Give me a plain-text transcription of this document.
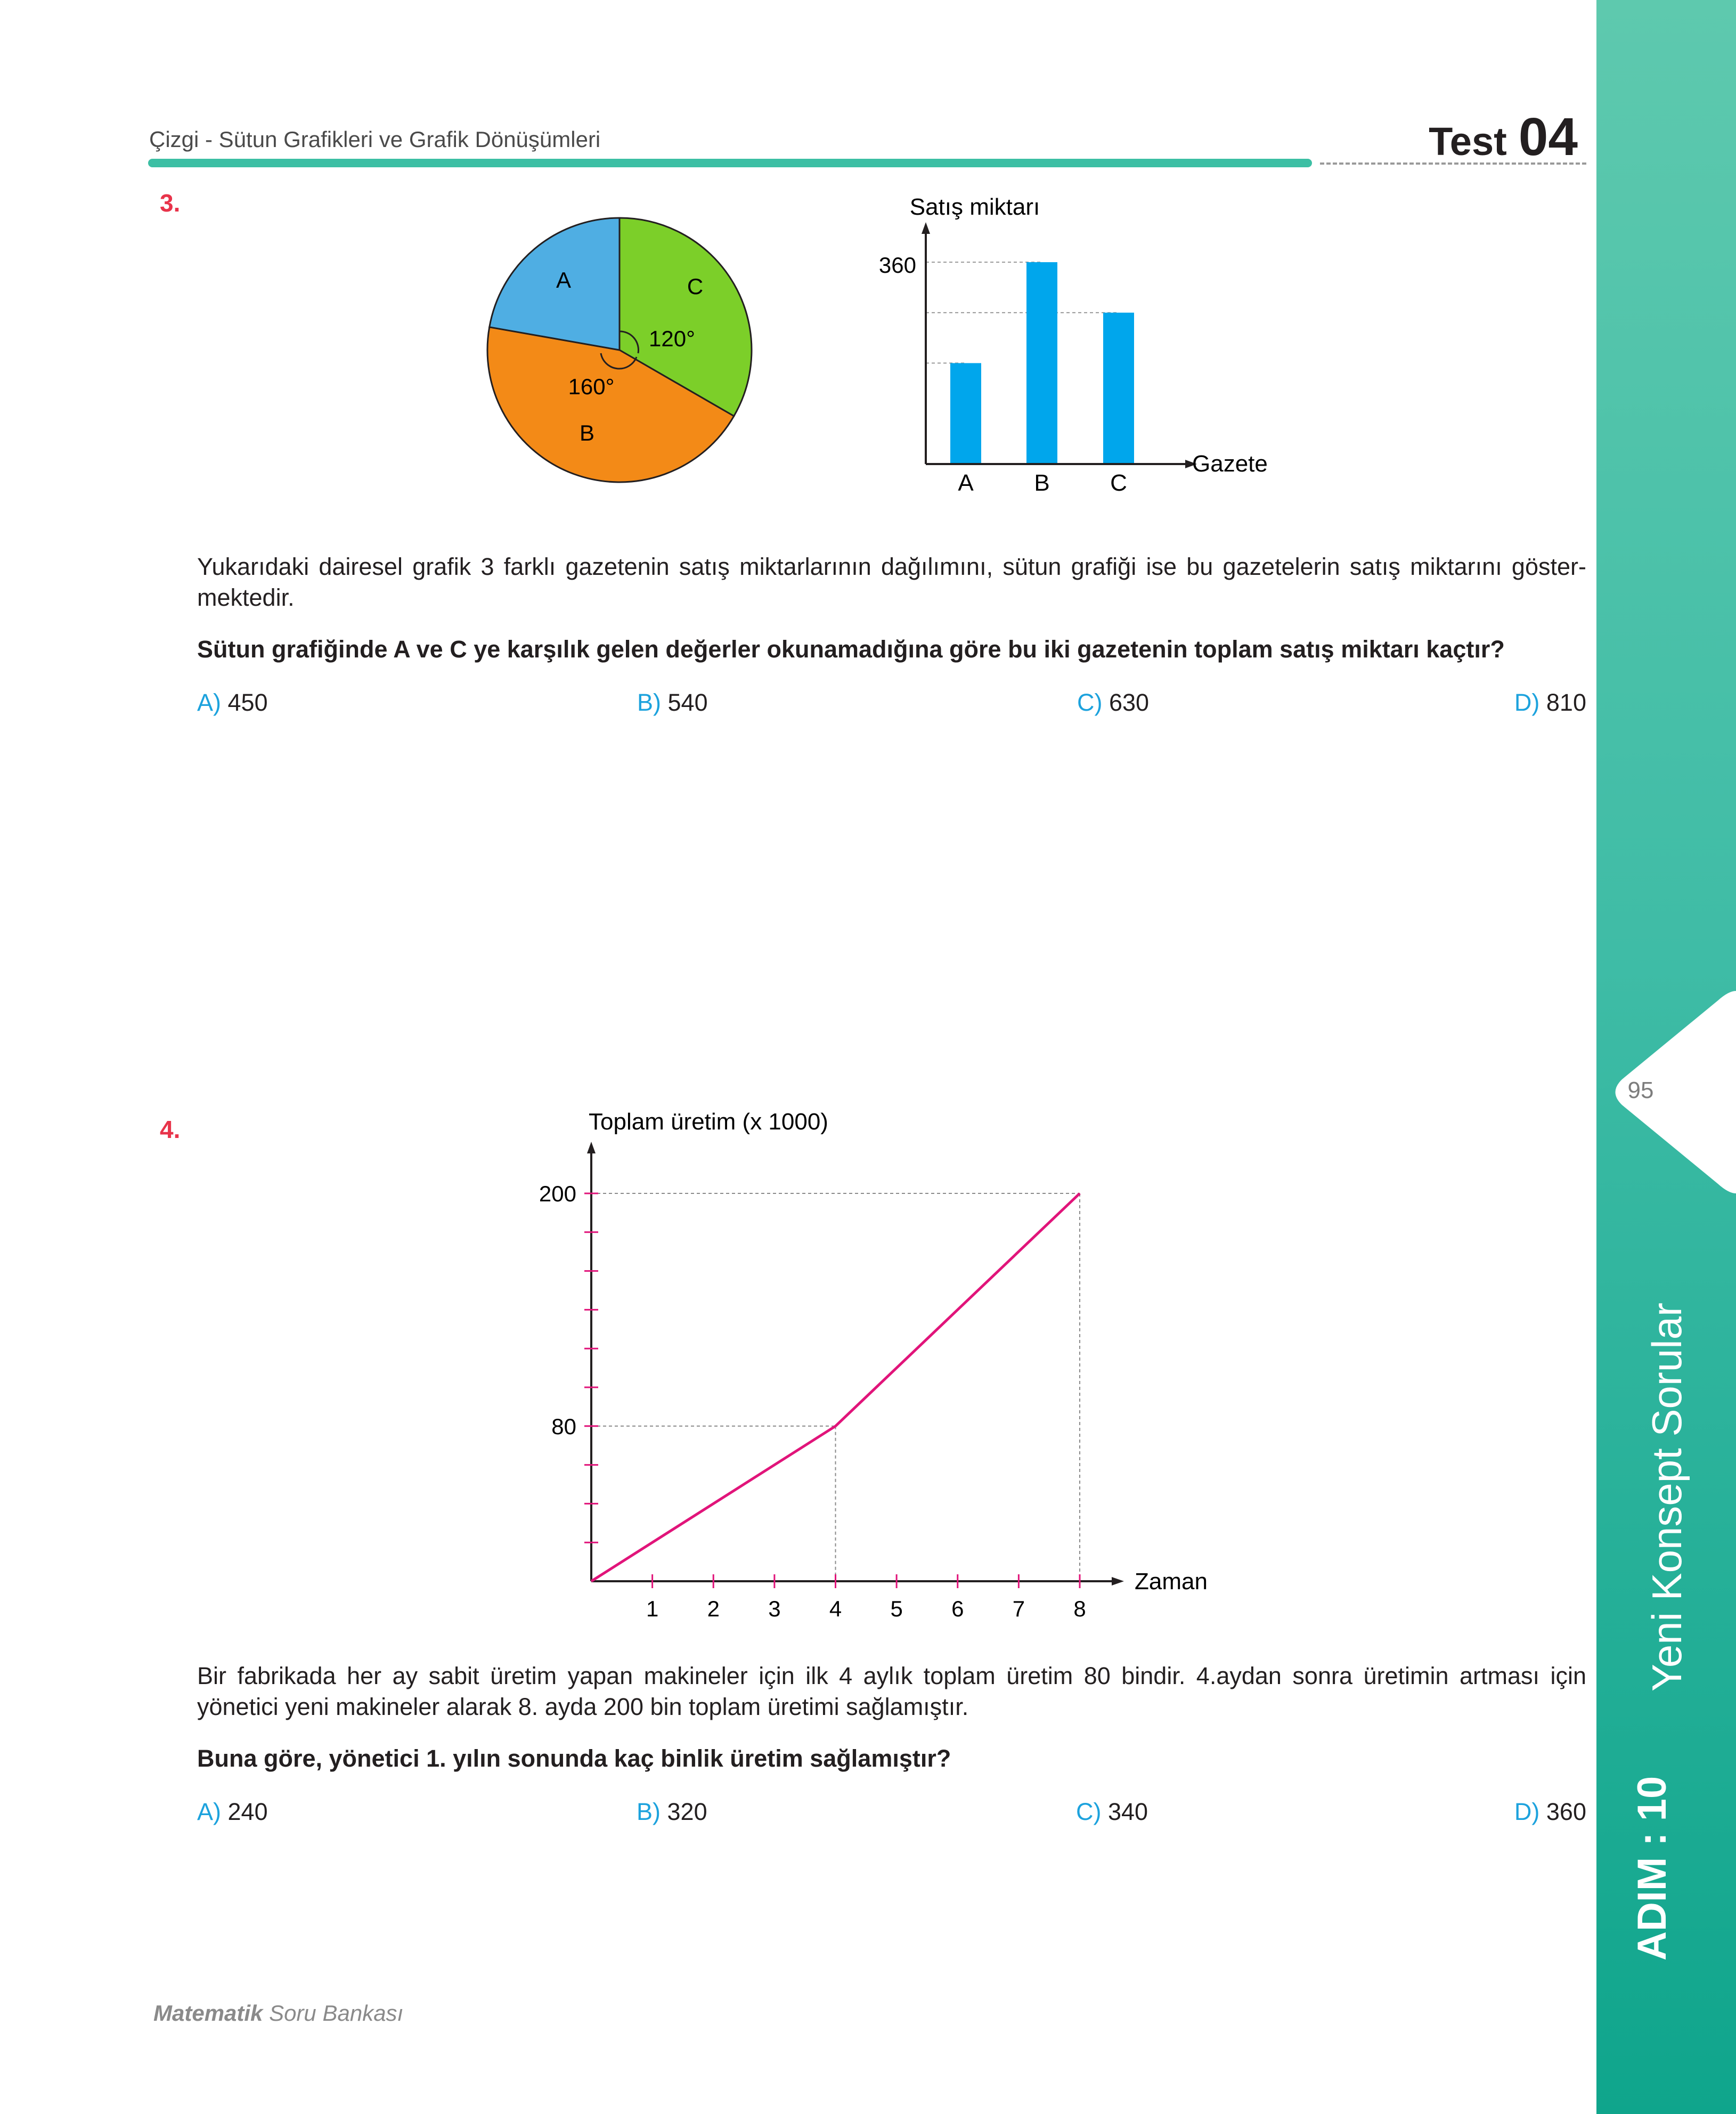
Çizgi - Sütun Grafikleri ve Grafik Dönüşümleri	Test 04
95
Yeni Konsept Sorular
ADIM : 10
3.
A	C
B
120°
160°
Satış miktarı
Gazete
360
A	B	C
Yukarıdaki dairesel grafik 3 farklı gazetenin satış miktarlarının dağılımını, sütun grafiği ise bu gazetelerin satış miktarını göster-mektedir.
Sütun grafiğinde A ve C ye karşılık gelen değerler okunamadığına göre bu iki gazetenin toplam satış miktarı kaçtır?
A) 450	B) 540	C) 630	D) 810
4.
80
200
1 2 3 4 5 6 7 8
Toplam üretim (x 1000)
Zaman
Bir fabrikada her ay sabit üretim yapan makineler için ilk 4 aylık toplam üretim 80 bindir. 4.aydan sonra üretimin artması için yönetici yeni makineler alarak 8. ayda 200 bin toplam üretimi sağlamıştır.
Buna göre, yönetici 1. yılın sonunda kaç binlik üretim sağlamıştır?
A) 240	B) 320	C) 340	D) 360
Matematik Soru Bankası
